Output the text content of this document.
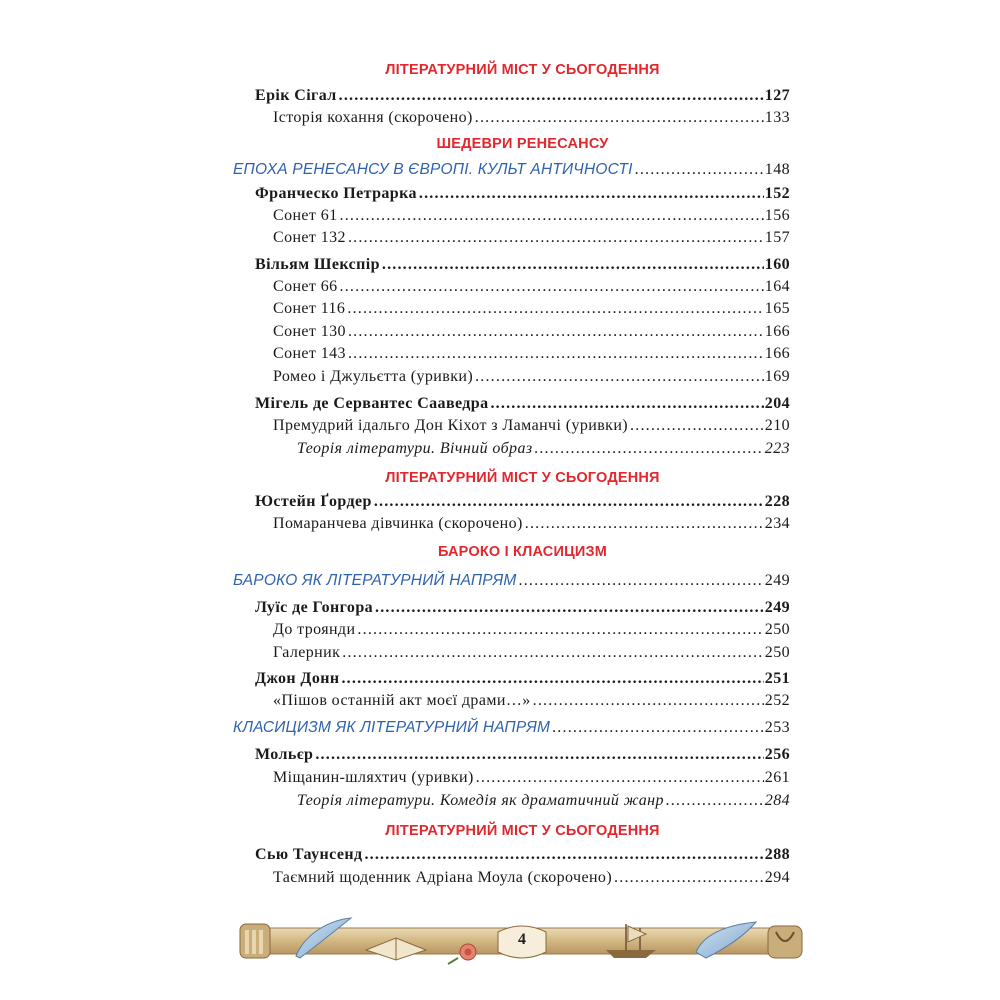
ЛІТЕРАТУРНИЙ МІСТ У СЬОГОДЕННЯ
Ерік Сігал .....	127
Історія кохання (скорочено) .....	133
ШЕДЕВРИ РЕНЕСАНСУ
ЕПОХА РЕНЕСАНСУ В ЄВРОПІ. КУЛЬТ АНТИЧНОСТІ .....	148
Франческо Петрарка .....	152
Сонет 61 .....	156
Сонет 132 .....	157
Вільям Шекспір .....	160
Сонет 66 .....	164
Сонет 116 .....	165
Сонет 130 .....	166
Сонет 143 .....	166
Ромео і Джульєтта (уривки) .....	169
Мігель де Сервантес Сааведра .....	204
Премудрий ідальго Дон Кіхот з Ламанчі (уривки) .....	210
Теорія літератури. Вічний образ .....	223
ЛІТЕРАТУРНИЙ МІСТ У СЬОГОДЕННЯ
Юстейн Ґордер .....	228
Помаранчева дівчинка (скорочено) .....	234
БАРОКО І КЛАСИЦИЗМ
БАРОКО ЯК ЛІТЕРАТУРНИЙ НАПРЯМ .....	249
Луїс де Гонгора .....	249
До троянди .....	250
Галерник .....	250
Джон Донн .....	251
«Пішов останній акт моєї драми…» .....	252
КЛАСИЦИЗМ ЯК ЛІТЕРАТУРНИЙ НАПРЯМ .....	253
Мольєр .....	256
Міщанин-шляхтич (уривки) .....	261
Теорія літератури. Комедія як драматичний жанр .....	284
ЛІТЕРАТУРНИЙ МІСТ У СЬОГОДЕННЯ
Сью Таунсенд .....	288
Таємний щоденник Адріана Моула (скорочено) .....	294
4
